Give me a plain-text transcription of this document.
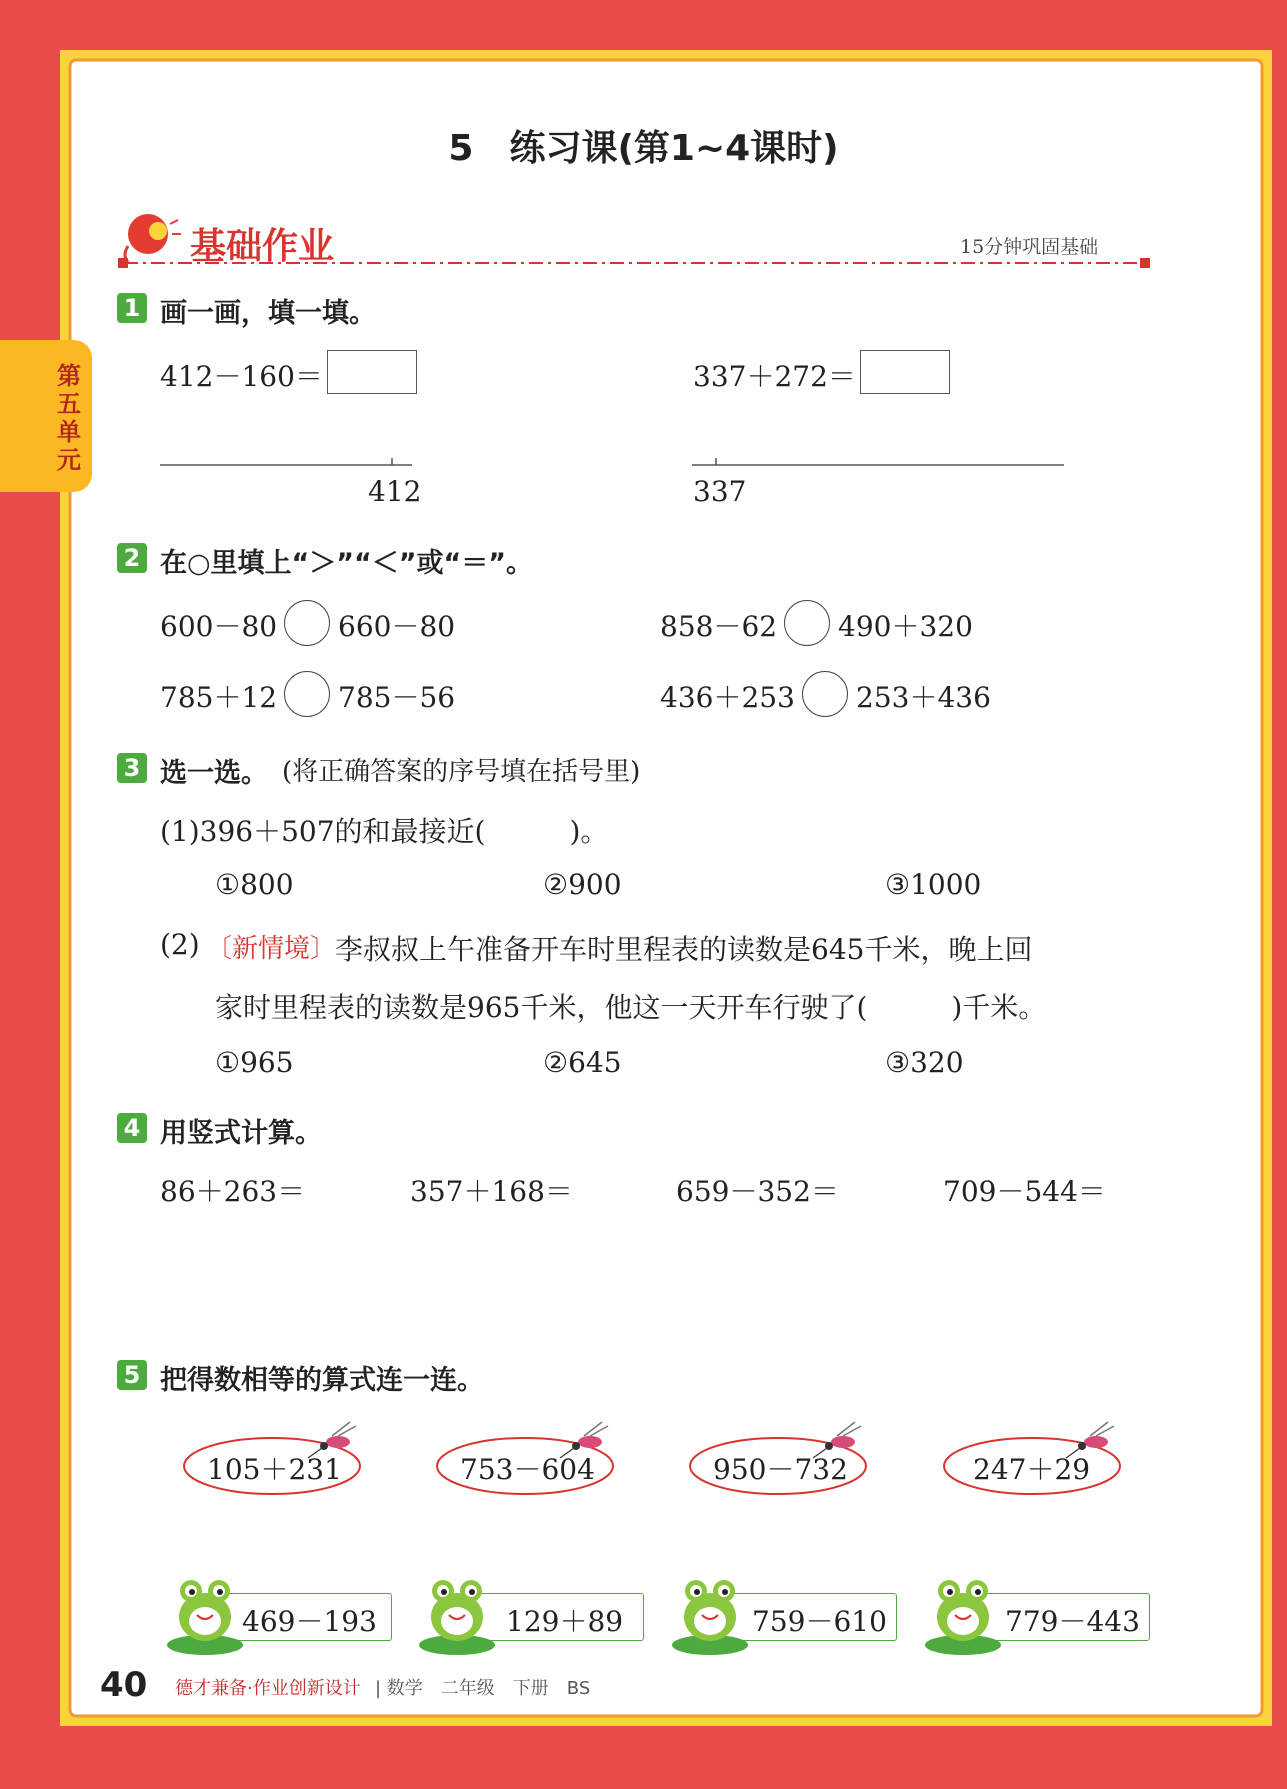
5　练习课(第1~4课时)
基础作业	15分钟巩固基础
第五单元
1 画一画，填一填。
412－160＝	337＋272＝
412	337
2 在○里填上“＞”“＜”或“＝”。
600－80 660－80	858－62 490＋320
785＋12 785－56	436＋253 253＋436
3 选一选。 (将正确答案的序号填在括号里)
(1)396＋507的和最接近(　　　)。
①800	②900	③1000
(2) 〔新情境〕
李叔叔上午准备开车时里程表的读数是645千米，晚上回
家时里程表的读数是965千米，他这一天开车行驶了(　　　)千米。
①965	②645	③320
4 用竖式计算。
86＋263＝	357＋168＝	659－352＝	709－544＝
5 把得数相等的算式连一连。
105＋231	753－604	950－732	247＋29
469－193	129＋89	759－610	779－443
40 德才兼备·作业创新设计 | 数学　二年级　下册　BS
